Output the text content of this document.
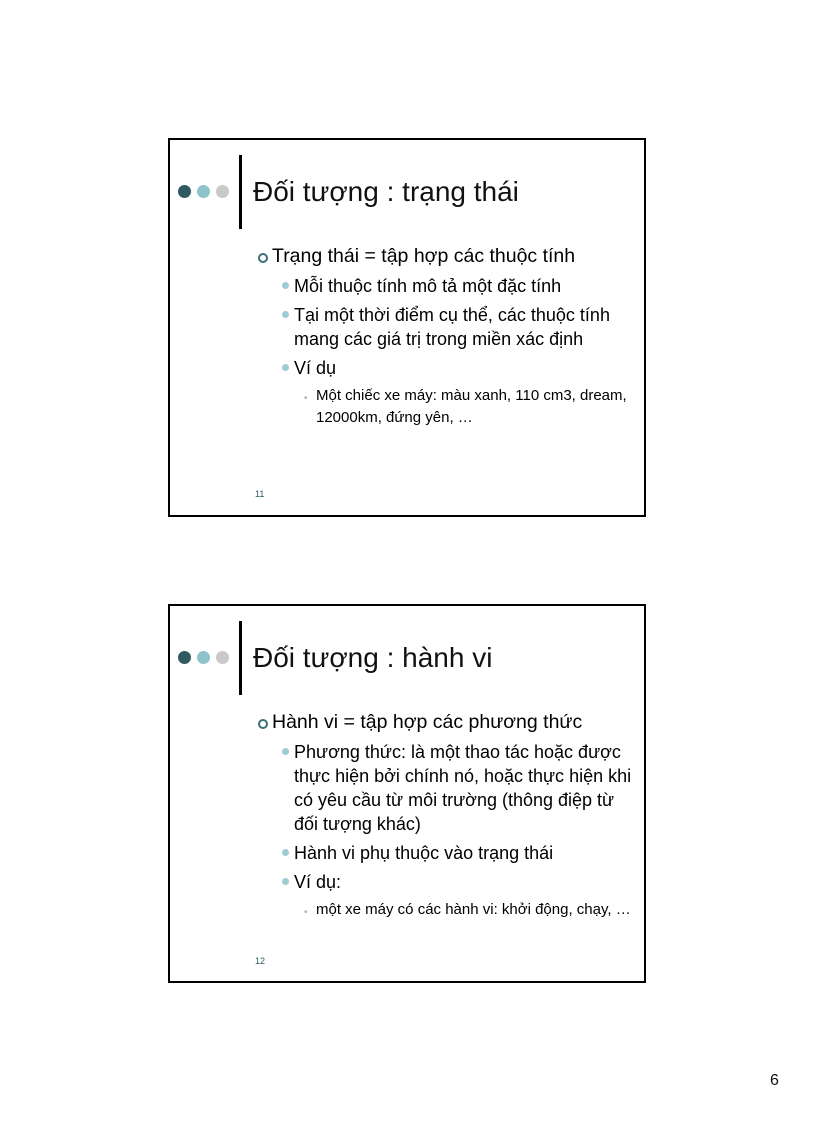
Đối tượng : trạng thái
Trạng thái = tập hợp các thuộc tính
Mỗi thuộc tính mô tả một đặc tính
Tại một thời điểm cụ thể, các thuộc tính mang các giá trị trong miền xác định
Ví dụ
• Một chiếc xe máy: màu xanh, 110 cm3, dream, 12000km, đứng yên, …
11
Đối tượng : hành vi
Hành vi = tập hợp các phương thức
Phương thức: là một thao tác hoặc được thực hiện bởi chính nó, hoặc thực hiện khi có yêu cầu từ môi trường (thông điệp từ đối tượng khác)
Hành vi phụ thuộc vào trạng thái
Ví dụ:
• một xe máy có các hành vi: khởi động, chạy, …
12
6
